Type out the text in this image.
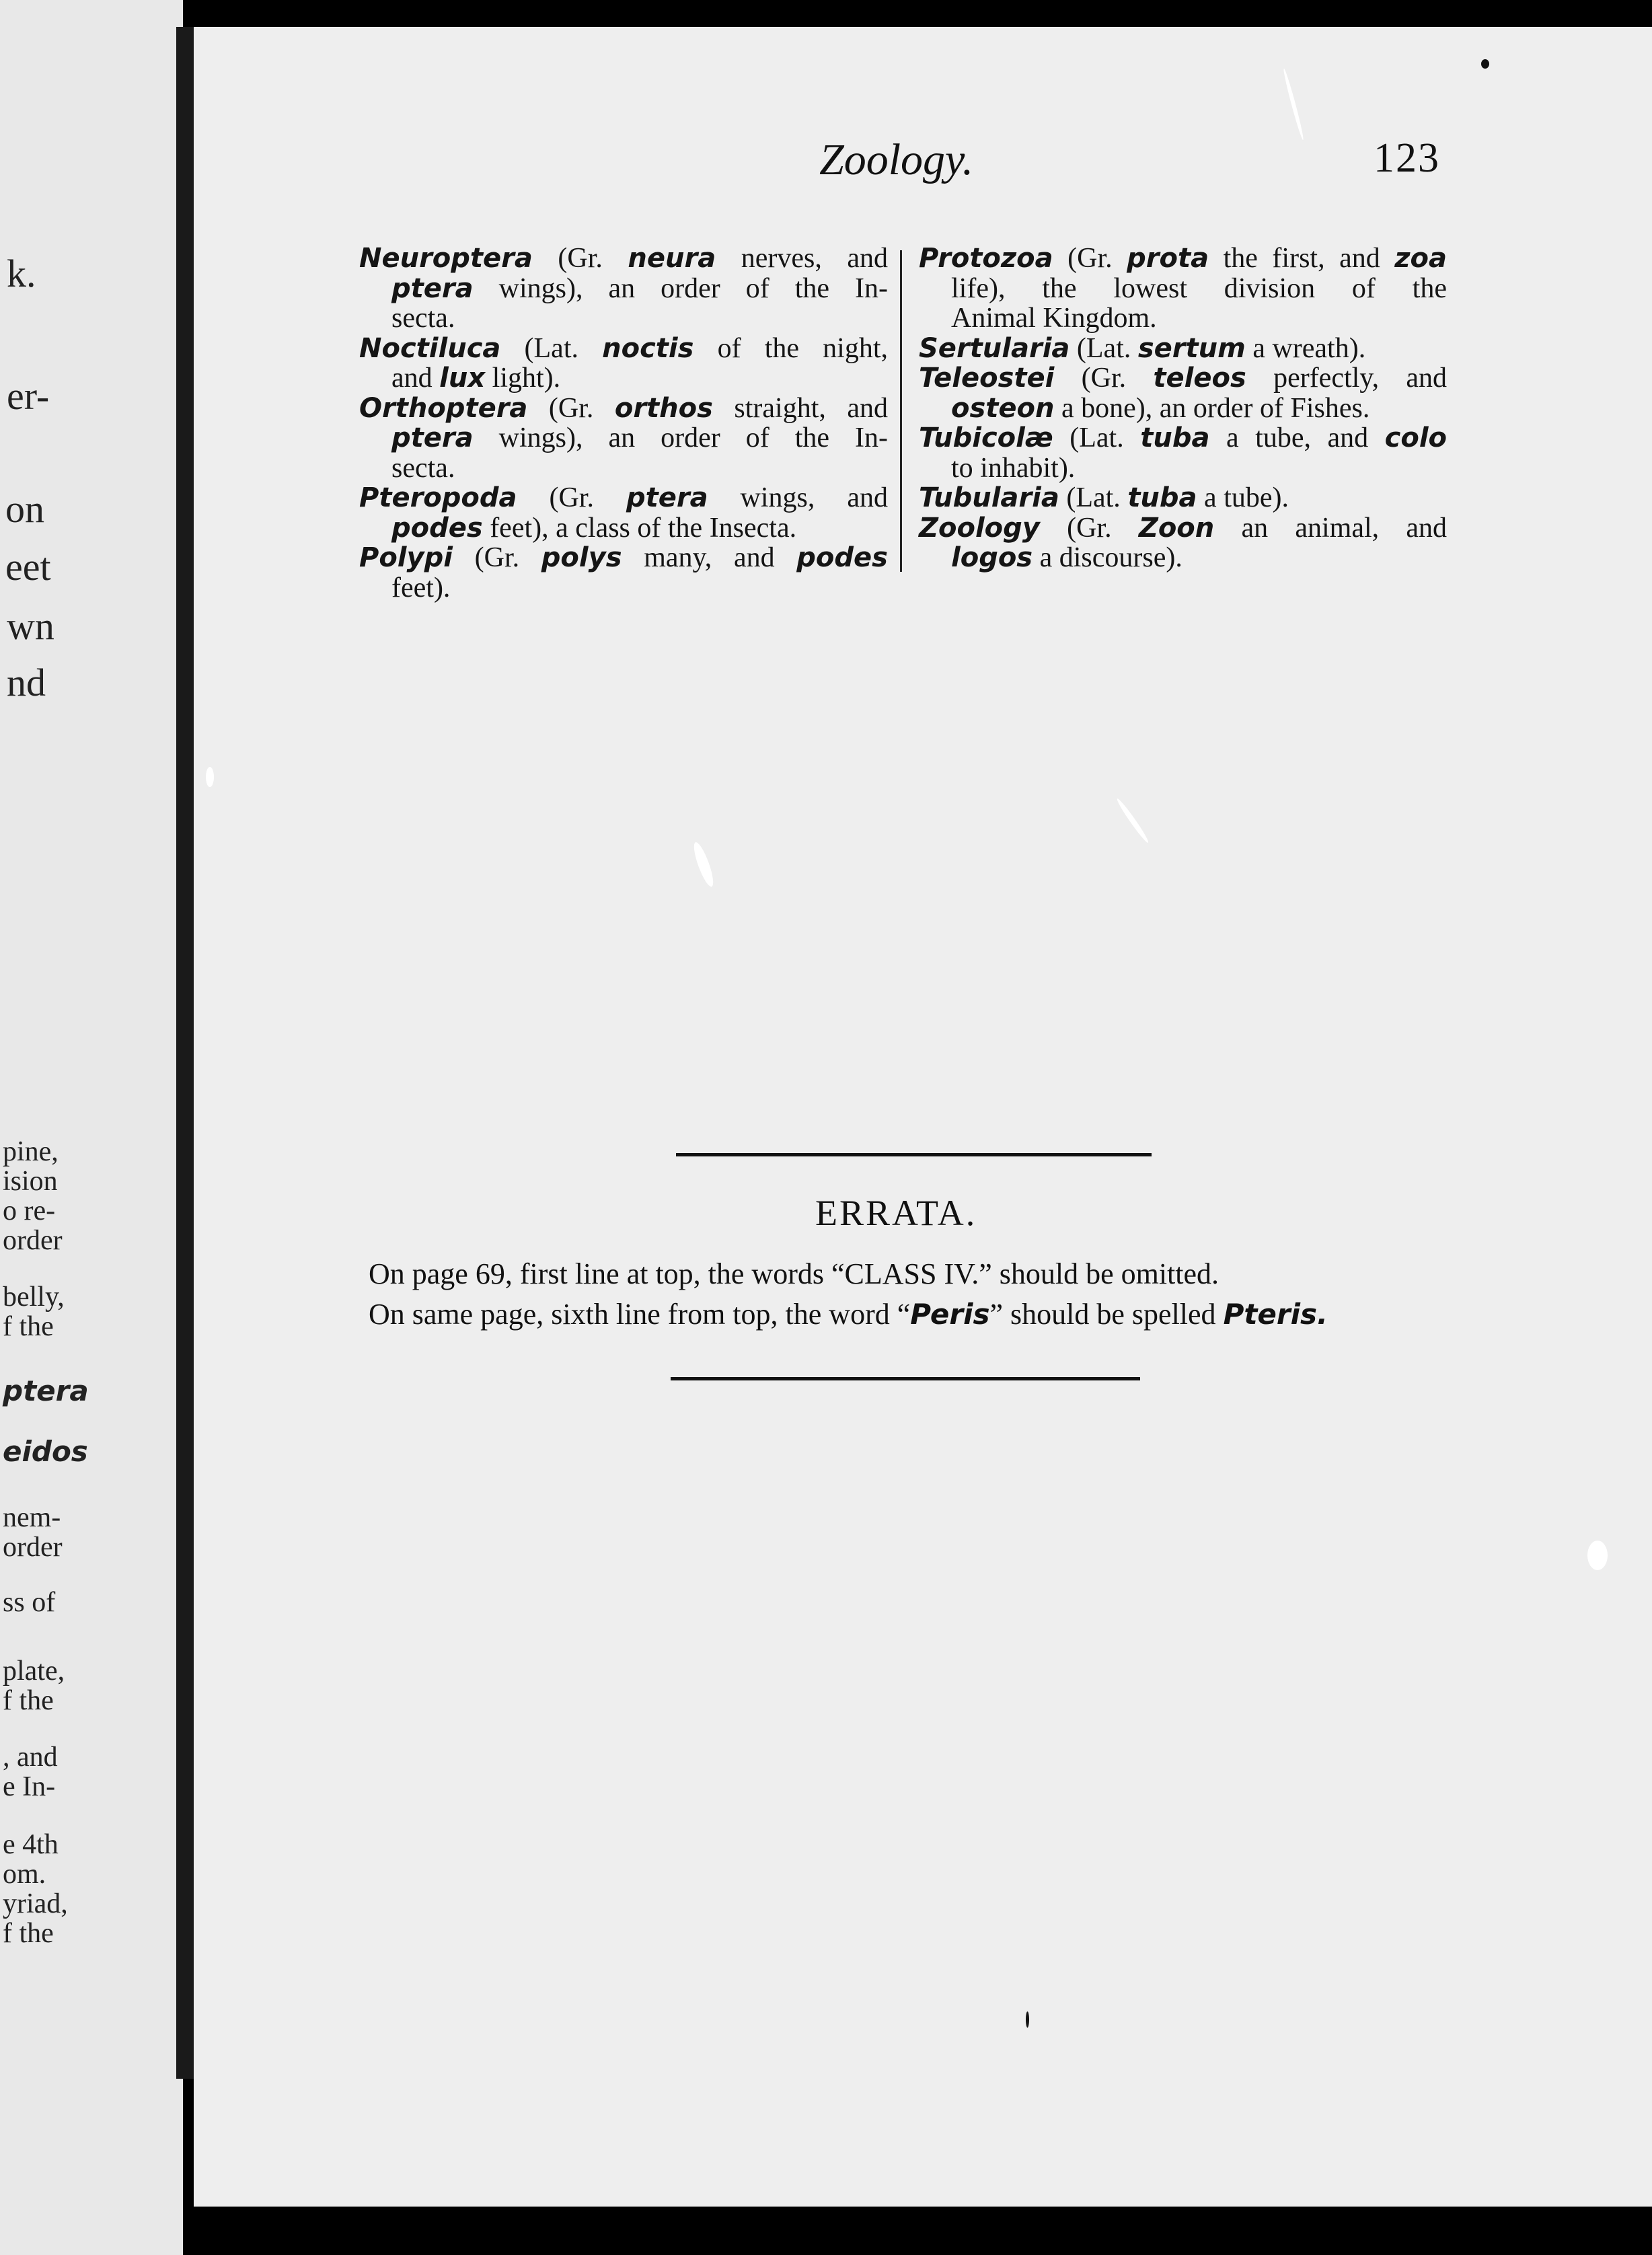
k.
er-
on
eet
wn
nd
pine,
ision
o re-
order
belly,
f the
ptera
eidos
nem-
order
ss of
plate,
f the
, and
e In-
e 4th
om.
yriad,
f the
Zoology.	123
Neuroptera (Gr. neura nerves, and
ptera wings), an order of the In-
secta.
Noctiluca (Lat. noctis of the night,
and lux light).
Orthoptera (Gr. orthos straight, and
ptera wings), an order of the In-
secta.
Pteropoda (Gr. ptera wings, and
podes feet), a class of the Insecta.
Polypi (Gr. polys many, and podes
feet).
Protozoa (Gr. prota the first, and zoa
life), the lowest division of the
Animal Kingdom.
Sertularia (Lat. sertum a wreath).
Teleostei (Gr. teleos perfectly, and
osteon a bone), an order of Fishes.
Tubicolæ (Lat. tuba a tube, and colo
to inhabit).
Tubularia (Lat. tuba a tube).
Zoology (Gr. Zoon an animal, and
logos a discourse).
ERRATA.
On page 69, first line at top, the words “CLASS IV.” should be omitted.
On same page, sixth line from top, the word “Peris” should be spelled Pteris.
